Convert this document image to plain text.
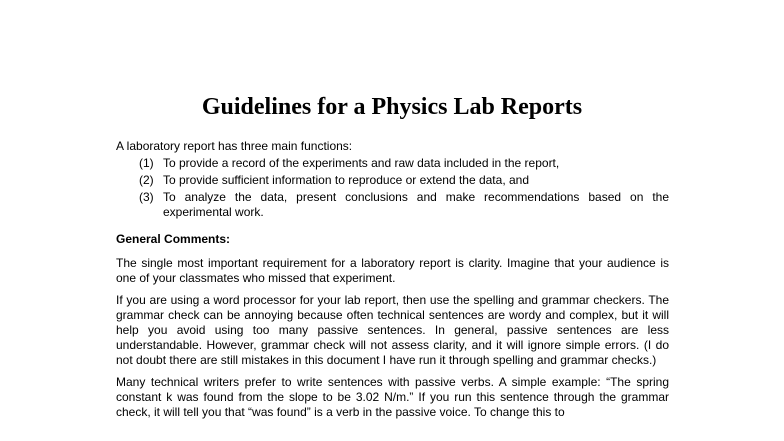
Guidelines for a Physics Lab Reports

A laboratory report has three main functions:

(1) To provide a record of the experiments and raw data included in the report,
(2) To provide sufficient information to reproduce or extend the data, and
(3) To analyze the data, present conclusions and make recommendations based on the experimental work.
General Comments:

The single most important requirement for a laboratory report is clarity. Imagine that your audience is one of your classmates who missed that experiment.

If you are using a word processor for your lab report, then use the spelling and grammar checkers. The grammar check can be annoying because often technical sentences are wordy and complex, but it will help you avoid using too many passive sentences. In general, passive sentences are less understandable. However, grammar check will not assess clarity, and it will ignore simple errors. (I do not doubt there are still mistakes in this document I have run it through spelling and grammar checks.)

Many technical writers prefer to write sentences with passive verbs. A simple example: “The spring constant k was found from the slope to be 3.02 N/m.” If you run this sentence through the grammar check, it will tell you that “was found” is a verb in the passive voice. To change this to
